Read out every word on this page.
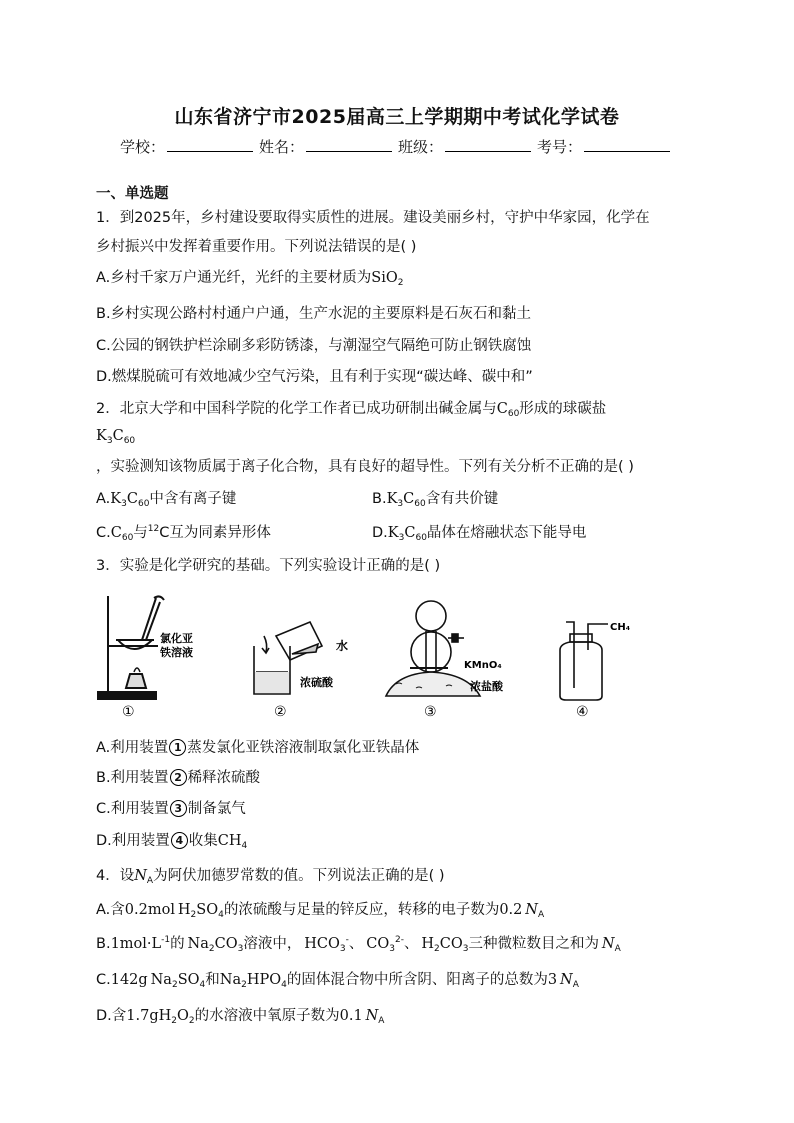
山东省济宁市2025届高三上学期期中考试化学试卷
学校：	姓名：	班级：	考号：
一、单选题
1．到2025年，乡村建设要取得实质性的进展。建设美丽乡村，守护中华家园，化学在
乡村振兴中发挥着重要作用。下列说法错误的是( )
A.乡村千家万户通光纤，光纤的主要材质为SiO$_2$
B.乡村实现公路村村通户户通，生产水泥的主要原料是石灰石和黏土
C.公园的钢铁护栏涂刷多彩防锈漆，与潮湿空气隔绝可防止钢铁腐蚀
D.燃煤脱硫可有效地减少空气污染，且有利于实现“碳达峰、碳中和”
2．北京大学和中国科学院的化学工作者已成功研制出碱金属与$C_{60}$形成的球碳盐
$K_3C_{60}$
，实验测知该物质属于离子化合物，具有良好的超导性。下列有关分析不正确的是( )
$A.K_3C_{60}$中含有离子键	$B.K_3C_{60}$含有共价键
$C.C_{60}$与$^{12}$C互为同素异形体	$D.K_3C_{60}$晶体在熔融状态下能导电
3．实验是化学研究的基础。下列实验设计正确的是( )
氯化亚
铁溶液
①
水
浓硫酸
②
KMnO₄
浓盐酸
③
CH₄
④
A.利用装置 1 蒸发氯化亚铁溶液制取氯化亚铁晶体
B.利用装置 2 稀释浓硫酸
C.利用装置 3 制备氯气
D.利用装置 4 收集$CH_4$
4．设$N_A$为阿伏加德罗常数的值。下列说法正确的是( )
A.含0.2mol  $H_2SO_4$的浓硫酸与足量的锌反应，转移的电子数为0.2  $N_A$
$B.1mol\cdot L^{-1}$的  $Na_2CO_3$溶液中，  $HCO_3^-$、  $CO_3^{2-}$、  $H_2CO_3$三种微粒数目之和为  $N_A$
C.142g  $Na_2SO_4$和$Na_2HPO_4$的固体混合物中所含阴、阳离子的总数为3  $N_A$
D.含$1.7gH_2O_2$的水溶液中氧原子数为0.1  $N_A$
